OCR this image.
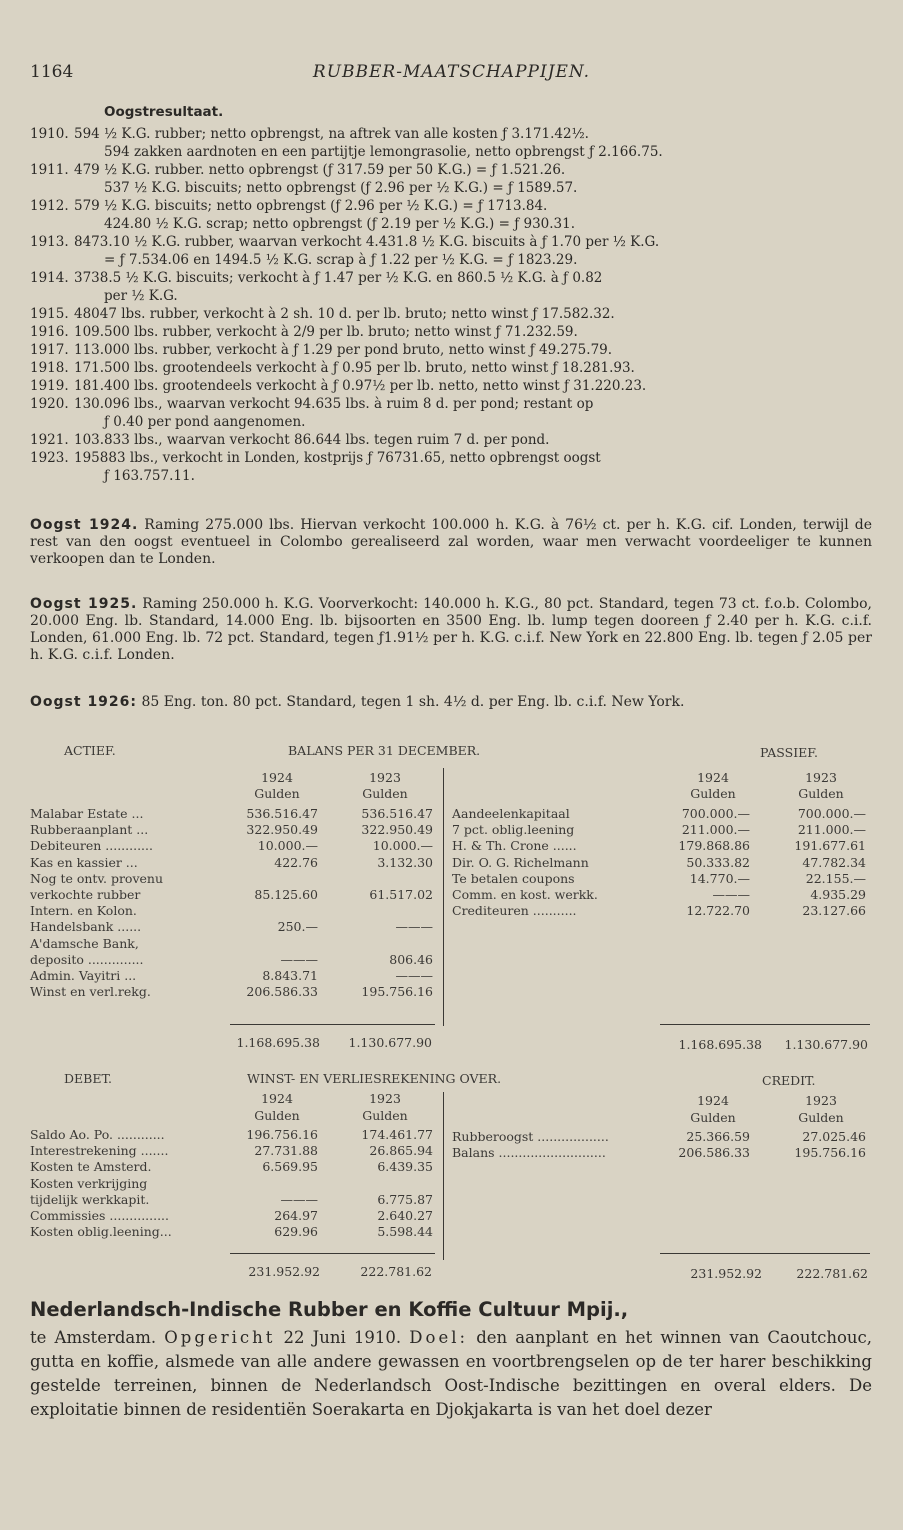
1164	RUBBER-MAATSCHAPPIJEN.
Oogstresultaat.
1910. 594 ½ K.G. rubber; netto opbrengst, na aftrek van alle kosten ƒ 3.171.42½.
594 zakken aardnoten en een partijtje lemongrasolie, netto opbrengst ƒ 2.166.75.
1911. 479 ½ K.G. rubber. netto opbrengst (ƒ 317.59 per 50 K.G.) = ƒ 1.521.26.
537 ½ K.G. biscuits; netto opbrengst (ƒ 2.96 per ½ K.G.) = ƒ 1589.57.
1912. 579 ½ K.G. biscuits; netto opbrengst (ƒ 2.96 per ½ K.G.) = ƒ 1713.84.
424.80 ½ K.G. scrap; netto opbrengst (ƒ 2.19 per ½ K.G.) = ƒ 930.31.
1913. 8473.10 ½ K.G. rubber, waarvan verkocht 4.431.8 ½ K.G. biscuits à ƒ 1.70 per ½ K.G.
= ƒ 7.534.06 en 1494.5 ½ K.G. scrap à ƒ 1.22 per ½ K.G. = ƒ 1823.29.
1914. 3738.5 ½ K.G. biscuits; verkocht à ƒ 1.47 per ½ K.G. en 860.5 ½ K.G. à ƒ 0.82
per ½ K.G.
1915. 48047 lbs. rubber, verkocht à 2 sh. 10 d. per lb. bruto; netto winst ƒ 17.582.32.
1916. 109.500 lbs. rubber, verkocht à 2/9 per lb. bruto; netto winst ƒ 71.232.59.
1917. 113.000 lbs. rubber, verkocht à ƒ 1.29 per pond bruto, netto winst ƒ 49.275.79.
1918. 171.500 lbs. grootendeels verkocht à ƒ 0.95 per lb. bruto, netto winst ƒ 18.281.93.
1919. 181.400 lbs. grootendeels verkocht à ƒ 0.97½ per lb. netto, netto winst ƒ 31.220.23.
1920. 130.096 lbs., waarvan verkocht 94.635 lbs. à ruim 8 d. per pond; restant op
ƒ 0.40 per pond aangenomen.
1921. 103.833 lbs., waarvan verkocht 86.644 lbs. tegen ruim 7 d. per pond.
1923. 195883 lbs., verkocht in Londen, kostprijs ƒ 76731.65, netto opbrengst oogst
ƒ 163.757.11.
Oogst 1924. Raming 275.000 lbs. Hiervan verkocht 100.000 h. K.G. à 76½ ct. per h. K.G. cif. Londen, terwijl de rest van den oogst eventueel in Colombo gerealiseerd zal worden, waar men verwacht voordeeliger te kunnen verkoopen dan te Londen.
Oogst 1925. Raming 250.000 h. K.G. Voorverkocht: 140.000 h. K.G., 80 pct. Standard, tegen 73 ct. f.o.b. Colombo, 20.000 Eng. lb. Standard, 14.000 Eng. lb. bijsoorten en 3500 Eng. lb. lump tegen dooreen ƒ 2.40 per h. K.G. c.i.f. Londen, 61.000 Eng. lb. 72 pct. Standard, tegen ƒ1.91½ per h. K.G. c.i.f. New York en 22.800 Eng. lb. tegen ƒ 2.05 per h. K.G. c.i.f. Londen.
Oogst 1926: 85 Eng. ton. 80 pct. Standard, tegen 1 sh. 4½ d. per Eng. lb. c.i.f. New York.
ACTIEF.	BALANS PER 31 DECEMBER.	PASSIEF.
1924	1923
Gulden	Gulden
1924	1923
Gulden	Gulden
Malabar Estate ...	536.516.47	536.516.47
Rubberaanplant ...	322.950.49	322.950.49
Debiteuren ............	10.000.—	10.000.—
Kas en kassier ...	422.76	3.132.30
Nog te ontv. provenu
verkochte rubber	85.125.60	61.517.02
Intern. en Kolon.
Handelsbank ......	250.—	———
A'damsche Bank,
deposito ..............	———	806.46
Admin. Vayitri ...	8.843.71	———
Winst en verl.rekg.	206.586.33	195.756.16
Aandeelenkapitaal	700.000.—	700.000.—
7 pct. oblig.leening	211.000.—	211.000.—
H. & Th. Crone ......	179.868.86	191.677.61
Dir. O. G. Richelmann	50.333.82	47.782.34
Te betalen coupons	14.770.—	22.155.—
Comm. en kost. werkk.	———	4.935.29
Crediteuren ...........	12.722.70	23.127.66
1.168.695.38	1.130.677.90	1.168.695.38	1.130.677.90
DEBET.	WINST- EN VERLIESREKENING OVER.	CREDIT.
1924	1923
Gulden	Gulden
1924	1923
Gulden	Gulden
Saldo Ao. Po. ............	196.756.16	174.461.77
Interestrekening .......	27.731.88	26.865.94
Kosten te Amsterd.	6.569.95	6.439.35
Kosten verkrijging
tijdelijk werkkapit.	———	6.775.87
Commissies ...............	264.97	2.640.27
Kosten oblig.leening...	629.96	5.598.44
Rubberoogst ..................	25.366.59	27.025.46
Balans ...........................	206.586.33	195.756.16
231.952.92	222.781.62	231.952.92	222.781.62
Nederlandsch-Indische Rubber en Koffie Cultuur Mpij.,
te Amsterdam. Opgericht 22 Juni 1910. Doel: den aanplant en het winnen van Caoutchouc, gutta en koffie, alsmede van alle andere gewassen en voortbrengselen op de ter harer beschikking gestelde terreinen, binnen de Nederlandsch Oost-Indische bezittingen en overal elders. De exploitatie binnen de residentiën Soerakarta en Djokjakarta is van het doel dezer
